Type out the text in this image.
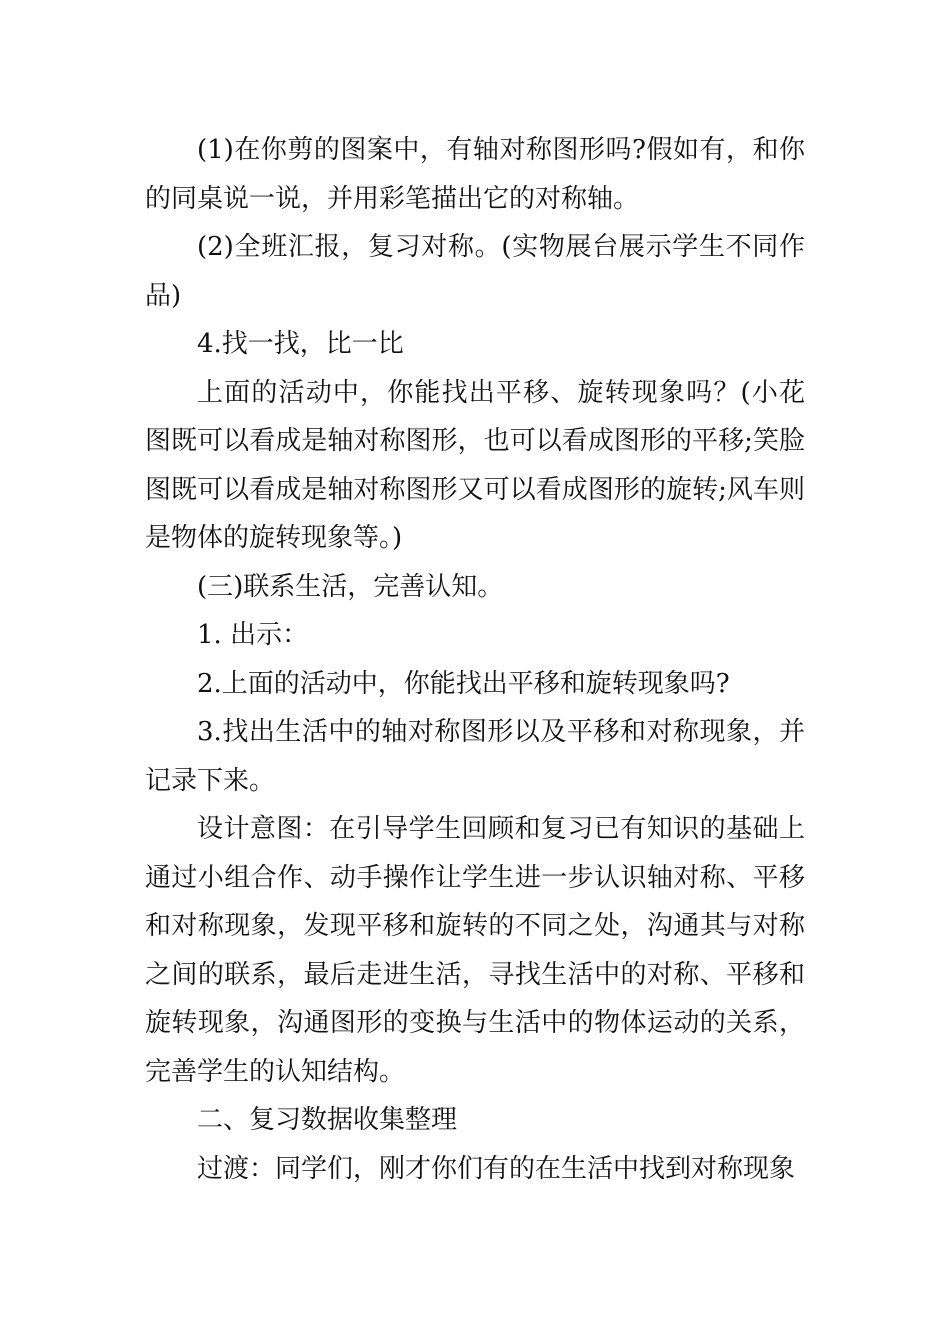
(1)在你剪的图案中，有轴对称图形吗?假如有，和你的同桌说一说，并用彩笔描出它的对称轴。

(2)全班汇报，复习对称。(实物展台展示学生不同作品)

4.找一找，比一比

上面的活动中，你能找出平移、旋转现象吗？(小花图既可以看成是轴对称图形，也可以看成图形的平移;笑脸图既可以看成是轴对称图形又可以看成图形的旋转;风车则是物体的旋转现象等。)

(三)联系生活，完善认知。

1. 出示：

2.上面的活动中，你能找出平移和旋转现象吗?

3.找出生活中的轴对称图形以及平移和对称现象，并记录下来。

设计意图：在引导学生回顾和复习已有知识的基础上通过小组合作、动手操作让学生进一步认识轴对称、平移和对称现象，发现平移和旋转的不同之处，沟通其与对称之间的联系，最后走进生活，寻找生活中的对称、平移和旋转现象，沟通图形的变换与生活中的物体运动的关系，完善学生的认知结构。

二、复习数据收集整理

过渡：同学们，刚才你们有的在生活中找到对称现象
